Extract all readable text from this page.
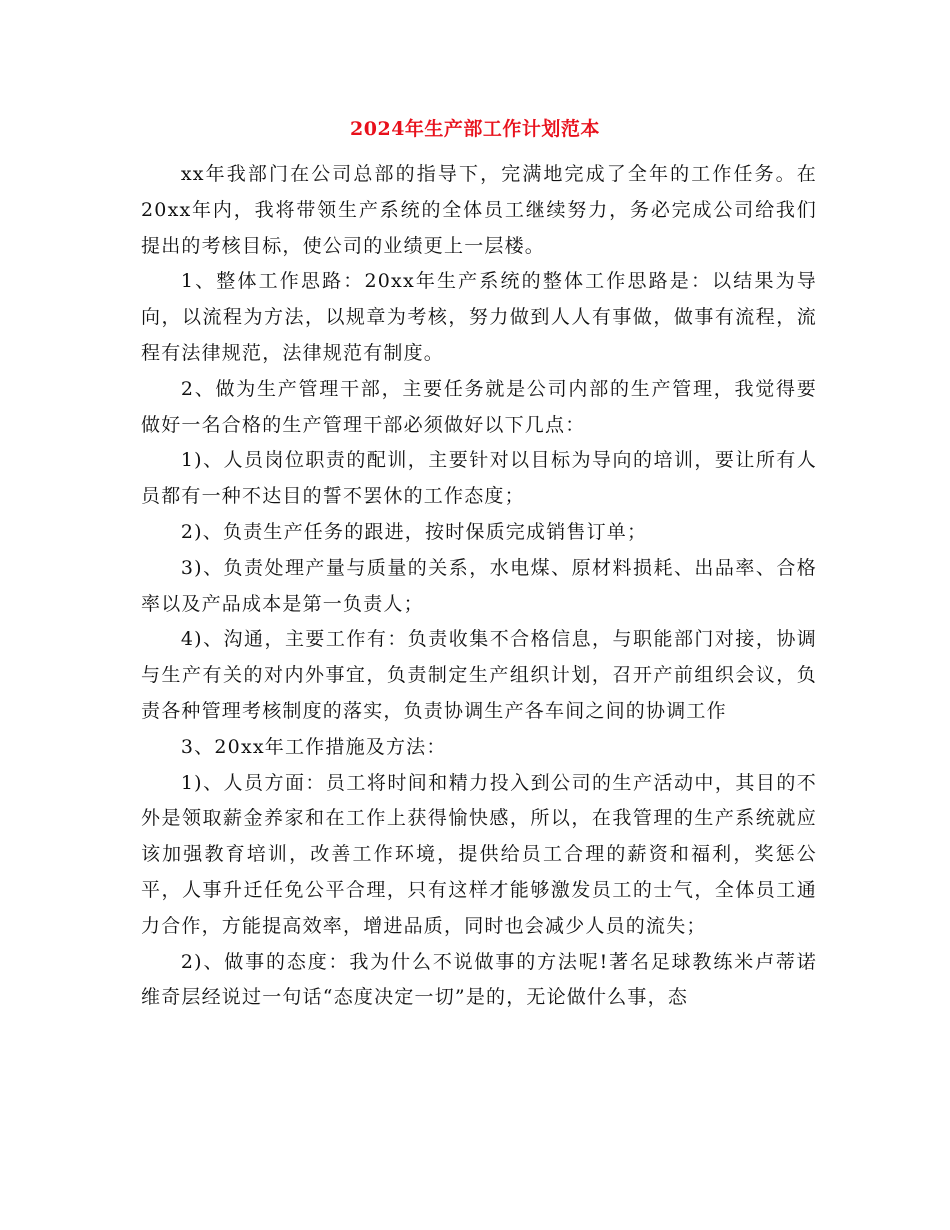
2024年生产部工作计划范本

xx年我部门在公司总部的指导下，完满地完成了全年的工作任务。在20xx年内，我将带领生产系统的全体员工继续努力，务必完成公司给我们提出的考核目标，使公司的业绩更上一层楼。

1、整体工作思路：20xx年生产系统的整体工作思路是：以结果为导向，以流程为方法，以规章为考核，努力做到人人有事做，做事有流程，流程有法律规范，法律规范有制度。

2、做为生产管理干部，主要任务就是公司内部的生产管理，我觉得要做好一名合格的生产管理干部必须做好以下几点：

1)、人员岗位职责的配训，主要针对以目标为导向的培训，要让所有人员都有一种不达目的誓不罢休的工作态度；

2)、负责生产任务的跟进，按时保质完成销售订单；

3)、负责处理产量与质量的关系，水电煤、原材料损耗、出品率、合格率以及产品成本是第一负责人；

4)、沟通，主要工作有：负责收集不合格信息，与职能部门对接，协调与生产有关的对内外事宜，负责制定生产组织计划，召开产前组织会议，负责各种管理考核制度的落实，负责协调生产各车间之间的协调工作

3、20xx年工作措施及方法：

1)、人员方面：员工将时间和精力投入到公司的生产活动中，其目的不外是领取薪金养家和在工作上获得愉快感，所以，在我管理的生产系统就应该加强教育培训，改善工作环境，提供给员工合理的薪资和福利，奖惩公平，人事升迁任免公平合理，只有这样才能够激发员工的士气，全体员工通力合作，方能提高效率，增进品质，同时也会减少人员的流失；

2)、做事的态度：我为什么不说做事的方法呢!著名足球教练米卢蒂诺维奇层经说过一句话“态度决定一切”是的，无论做什么事，态
